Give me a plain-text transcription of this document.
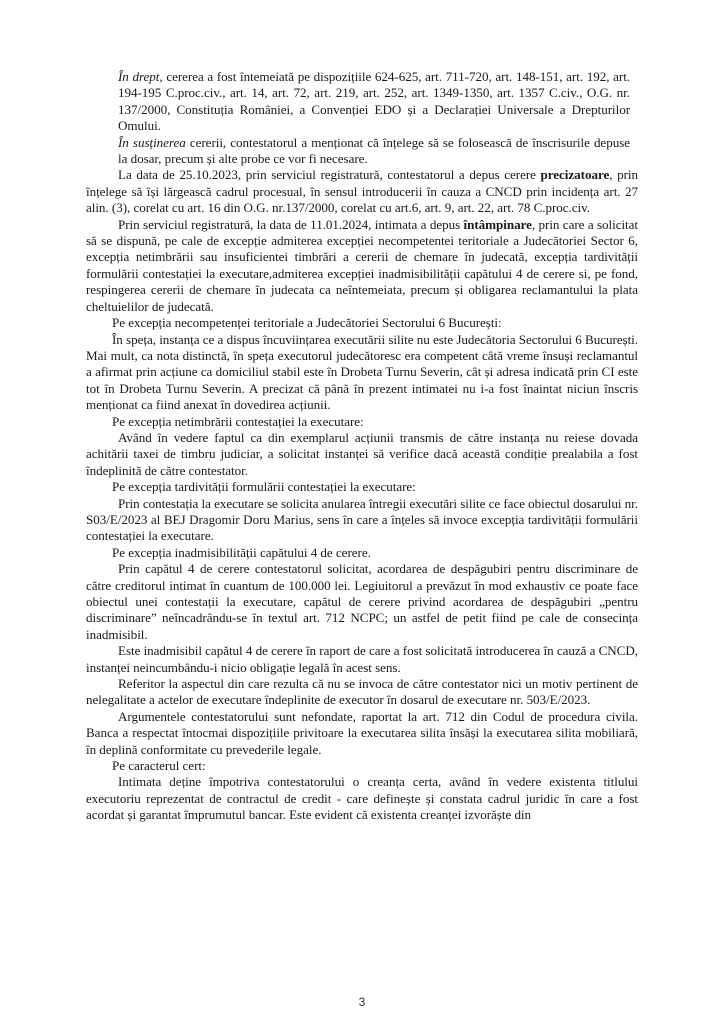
În drept, cererea a fost întemeiată pe dispozițiile 624-625, art. 711-720, art. 148-151, art. 192, art. 194-195 C.proc.civ., art. 14, art. 72, art. 219, art. 252, art. 1349-1350, art. 1357 C.civ., O.G. nr. 137/2000, Constituția României, a Convenției EDO și a Declarației Universale a Drepturilor Omului.

În susținerea cererii, contestatorul a menționat că înțelege să se folosească de înscrisurile depuse la dosar, precum și alte probe ce vor fi necesare.

La data de 25.10.2023, prin serviciul registratură, contestatorul a depus cerere precizatoare, prin înțelege să își lărgească cadrul procesual, în sensul introducerii în cauza a CNCD prin incidența art. 27 alin. (3), corelat cu art. 16 din O.G. nr.137/2000, corelat cu art.6, art. 9, art. 22, art. 78 C.proc.civ.

Prin serviciul registratură, la data de 11.01.2024, intimata a depus întâmpinare, prin care a solicitat să se dispună, pe cale de excepție admiterea excepției necompetentei teritoriale a Judecătoriei Sector 6, excepția netimbrării sau insuficientei timbrări a cererii de chemare în judecată, excepția tardivității formulării contestației la executare,admiterea excepției inadmisibilității capătului 4 de cerere si, pe fond, respingerea cererii de chemare în judecata ca neîntemeiata, precum și obligarea reclamantului la plata cheltuielilor de judecată.

Pe excepția necompetenței teritoriale a Judecătoriei Sectorului 6 București:

În speța, instanța ce a dispus încuviințarea executării silite nu este Judecătoria Sectorului 6 București. Mai mult, ca nota distinctă, în speța executorul judecătoresc era competent câtă vreme însuși reclamantul a afirmat prin acțiune ca domiciliul stabil este în Drobeta Turnu Severin, cât și adresa indicată prin CI este tot în Drobeta Turnu Severin. A precizat că până în prezent intimatei nu i-a fost înaintat niciun înscris menționat ca fiind anexat în dovedirea acțiunii.

Pe excepția netimbrării contestației la executare:

Având în vedere faptul ca din exemplarul acțiunii transmis de către instanța nu reiese dovada achitării taxei de timbru judiciar, a solicitat instanței să verifice dacă această condiție prealabila a fost îndeplinită de către contestator.

Pe excepția tardivității formulării contestației la executare:

Prin contestația la executare se solicita anularea întregii executări silite ce face obiectul dosarului nr. S03/E/2023 al BEJ Dragomir Doru Marius, sens în care a înțeles să invoce excepția tardivității formulării contestației la executare.

Pe excepția inadmisibilității capătului 4 de cerere.

Prin capătul 4 de cerere contestatorul solicitat, acordarea de despăgubiri pentru discriminare de către creditorul intimat în cuantum de 100.000 lei. Legiuitorul a prevăzut în mod exhaustiv ce poate face obiectul unei contestații la executare, capătul de cerere privind acordarea de despăgubiri „pentru discriminare” neîncadrându-se în textul art. 712 NCPC; un astfel de petit fiind pe cale de consecința inadmisibil.

Este inadmisibil capătul 4 de cerere în raport de care a fost solicitată introducerea în cauză a CNCD, instanței neincumbându-i nicio obligație legală în acest sens.

Referitor la aspectul din care rezulta că nu se invoca de către contestator nici un motiv pertinent de nelegalitate a actelor de executare îndeplinite de executor în dosarul de executare nr. 503/E/2023.

Argumentele contestatorului sunt nefondate, raportat la art. 712 din Codul de procedura civila. Banca a respectat întocmai dispozițiile privitoare la executarea silita însăși la executarea silita mobiliară, în deplină conformitate cu prevederile legale.

Pe caracterul cert:

Intimata deține împotriva contestatorului o creanța certa, având în vedere existenta titlului executoriu reprezentat de contractul de credit - care definește și constata cadrul juridic în care a fost acordat și garantat împrumutul bancar. Este evident că existenta creanței izvorăște din

3
